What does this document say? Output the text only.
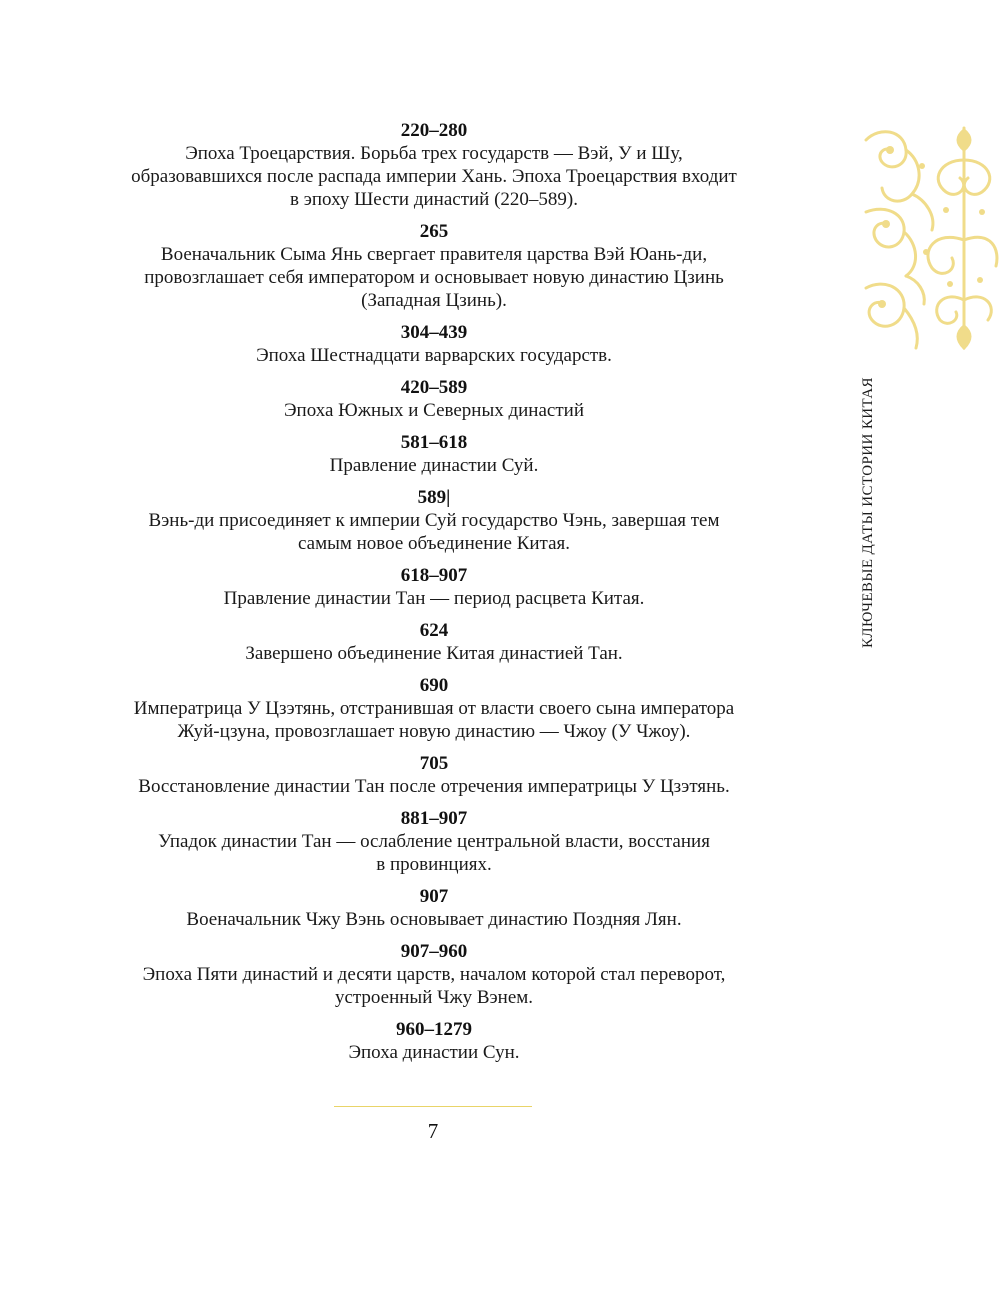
220–280
Эпоха Троецарствия. Борьба трех государств — Вэй, У и Шу,
образовавшихся после распада империи Хань. Эпоха Троецарствия входит
в эпоху Шести династий (220–589).
265
Военачальник Сыма Янь свергает правителя царства Вэй Юань-ди,
провозглашает себя императором и основывает новую династию Цзинь
(Западная Цзинь).
304–439
Эпоха Шестнадцати варварских государств.
420–589
Эпоха Южных и Северных династий
581–618
Правление династии Суй.
589|
Вэнь-ди присоединяет к империи Суй государство Чэнь, завершая тем
самым новое объединение Китая.
618–907
Правление династии Тан — период расцвета Китая.
624
Завершено объединение Китая династией Тан.
690
Императрица У Цзэтянь, отстранившая от власти своего сына императора
Жуй-цзуна, провозглашает новую династию — Чжоу (У Чжоу).
705
Восстановление династии Тан после отречения императрицы У Цзэтянь.
881–907
Упадок династии Тан — ослабление центральной власти, восстания
в провинциях.
907
Военачальник Чжу Вэнь основывает династию Поздняя Лян.
907–960
Эпоха Пяти династий и десяти царств, началом которой стал переворот,
устроенный Чжу Вэнем.
960–1279
Эпоха династии Сун.
КЛЮЧЕВЫЕ ДАТЫ ИСТОРИИ КИТАЯ
7
